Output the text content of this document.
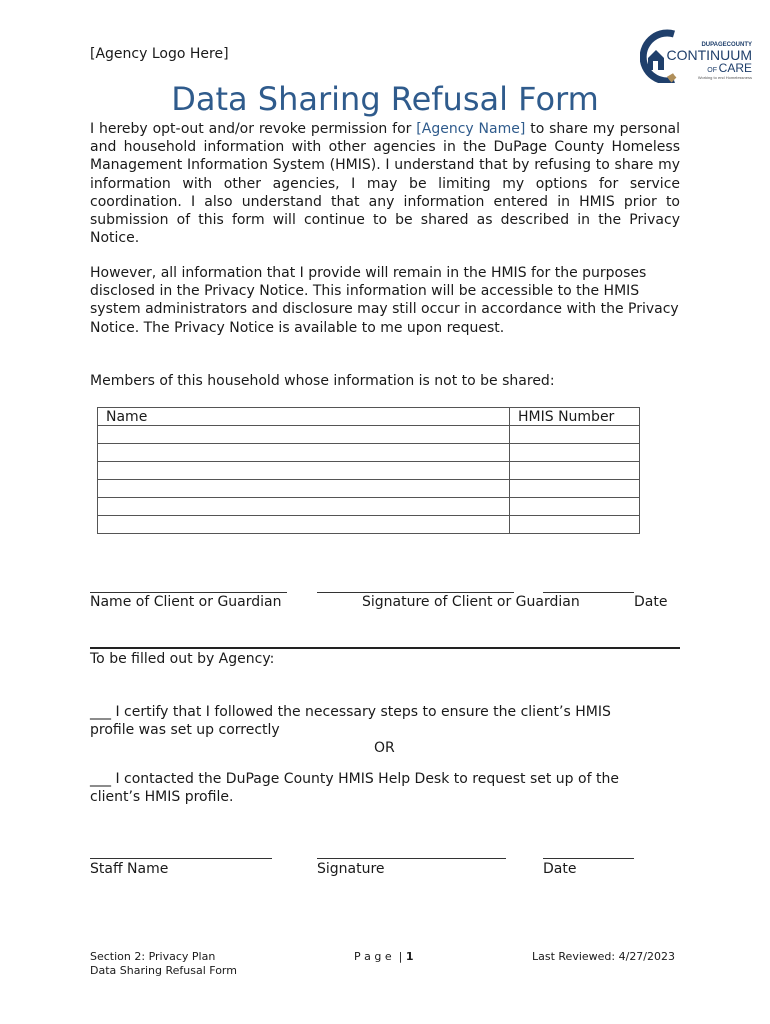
[Agency Logo Here]
DUPAGECOUNTY
CONTINUUM
OF CARE
Working to end Homelessness
Data Sharing Refusal Form

I hereby opt-out and/or revoke permission for [Agency Name] to share my personal and household information with other agencies in the DuPage County Homeless Management Information System (HMIS). I understand that by refusing to share my information with other agencies, I may be limiting my options for service coordination. I also understand that any information entered in HMIS prior to submission of this form will continue to be shared as described in the Privacy Notice.

However, all information that I provide will remain in the HMIS for the purposes disclosed in the Privacy Notice. This information will be accessible to the HMIS system administrators and disclosure may still occur in accordance with the Privacy Notice. The Privacy Notice is available to me upon request.

Members of this household whose information is not to be shared:

Name	HMIS Number

Name of Client or Guardian	Signature of Client or Guardian	Date

To be filled out by Agency:

___ I certify that I followed the necessary steps to ensure the client’s HMIS

profile was set up correctly

OR

___ I contacted the DuPage County HMIS Help Desk to request set up of the

client’s HMIS profile.

Staff Name	Signature	Date

Section 2: Privacy Plan
Data Sharing Refusal Form

P a g e  | 1	Last Reviewed: 4/27/2023
